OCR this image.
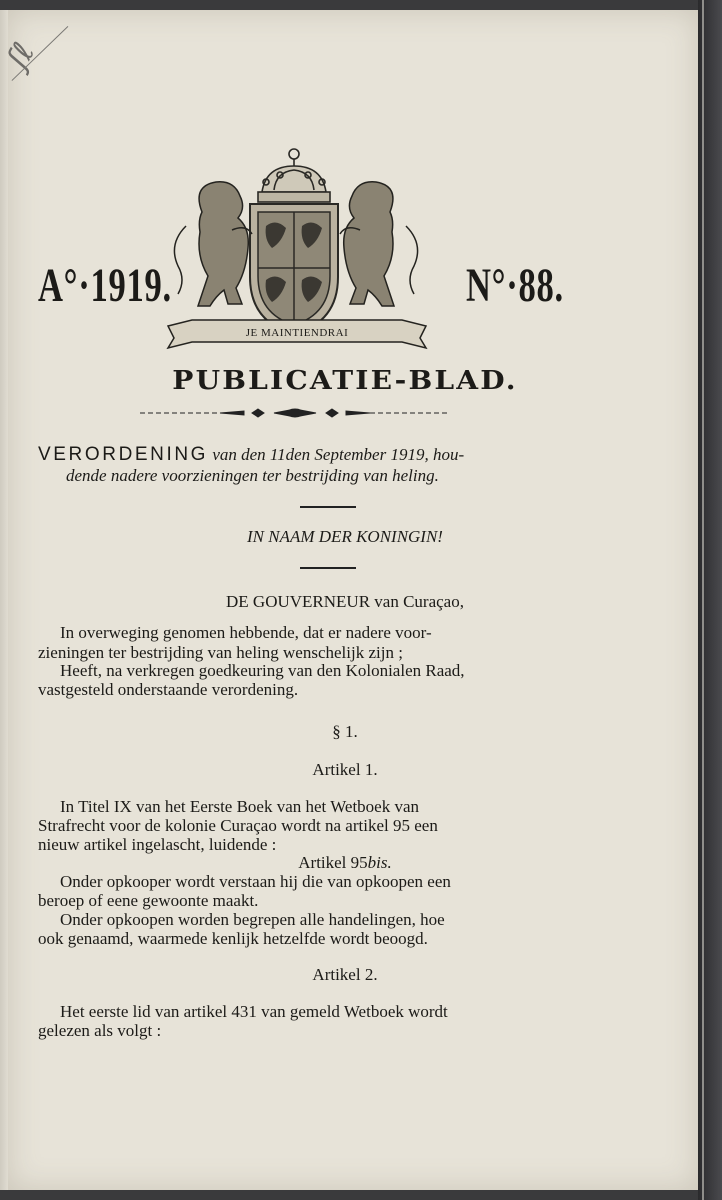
ʃℓ
A°·1919.	N°·88.
JE MAINTIENDRAI
PUBLICATIE-BLAD.
VERORDENING van den 11den September 1919, hou-
dende nadere voorzieningen ter bestrijding van heling.
IN NAAM DER KONINGIN!
DE GOUVERNEUR van Curaçao,
In overweging genomen hebbende, dat er nadere voor-
zieningen ter bestrijding van heling wenschelijk zijn ;
Heeft, na verkregen goedkeuring van den Kolonialen Raad,
vastgesteld onderstaande verordening.
§ 1.
Artikel 1.
In Titel IX van het Eerste Boek van het Wetboek van
Strafrecht voor de kolonie Curaçao wordt na artikel 95 een
nieuw artikel ingelascht, luidende :
Artikel 95bis.
Onder opkooper wordt verstaan hij die van opkoopen een
beroep of eene gewoonte maakt.
Onder opkoopen worden begrepen alle handelingen, hoe
ook genaamd, waarmede kenlijk hetzelfde wordt beoogd.
Artikel 2.
Het eerste lid van artikel 431 van gemeld Wetboek wordt
gelezen als volgt :
